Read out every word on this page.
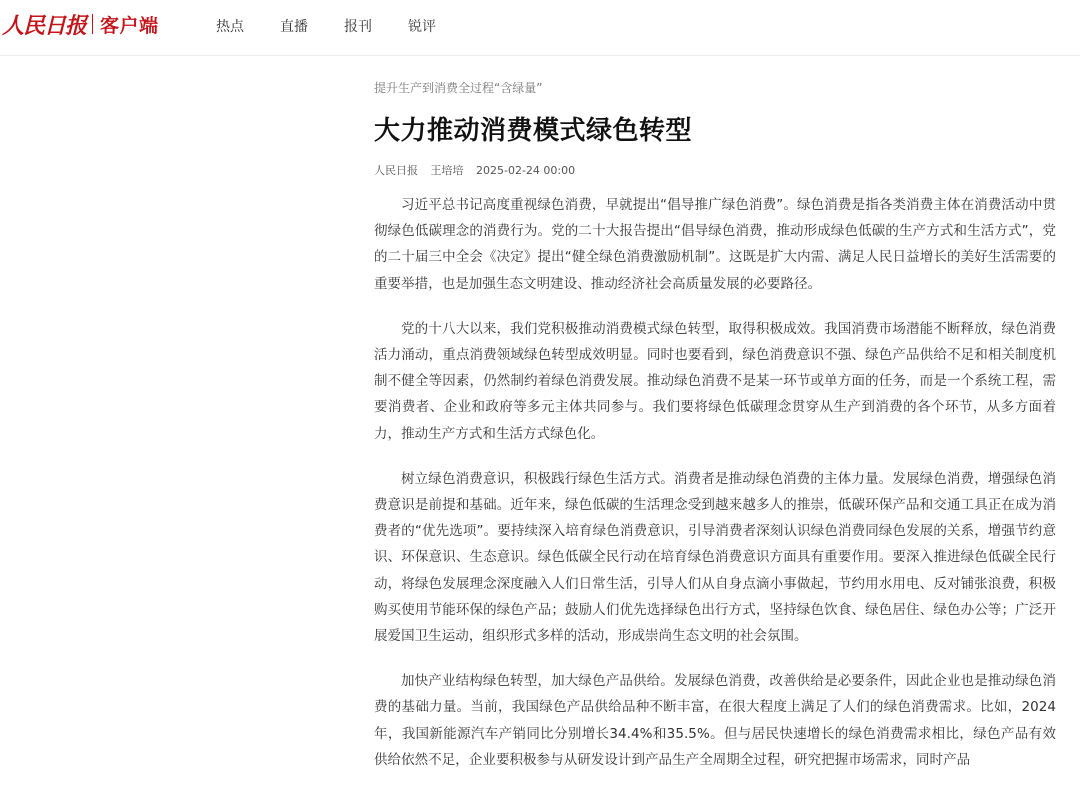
人民日报 客户端	热点	直播	报刊	锐评
提升生产到消费全过程“含绿量”
大力推动消费模式绿色转型
人民日报 王培培 2025-02-24 00:00

习近平总书记高度重视绿色消费，早就提出“倡导推广绿色消费”。绿色消费是指各类消费主体在消费活动中贯彻绿色低碳理念的消费行为。党的二十大报告提出“倡导绿色消费，推动形成绿色低碳的生产方式和生活方式”，党的二十届三中全会《决定》提出“健全绿色消费激励机制”。这既是扩大内需、满足人民日益增长的美好生活需要的重要举措，也是加强生态文明建设、推动经济社会高质量发展的必要路径。

党的十八大以来，我们党积极推动消费模式绿色转型，取得积极成效。我国消费市场潜能不断释放，绿色消费活力涌动，重点消费领域绿色转型成效明显。同时也要看到，绿色消费意识不强、绿色产品供给不足和相关制度机制不健全等因素，仍然制约着绿色消费发展。推动绿色消费不是某一环节或单方面的任务，而是一个系统工程，需要消费者、企业和政府等多元主体共同参与。我们要将绿色低碳理念贯穿从生产到消费的各个环节，从多方面着力，推动生产方式和生活方式绿色化。

树立绿色消费意识，积极践行绿色生活方式。消费者是推动绿色消费的主体力量。发展绿色消费，增强绿色消费意识是前提和基础。近年来，绿色低碳的生活理念受到越来越多人的推崇，低碳环保产品和交通工具正在成为消费者的“优先选项”。要持续深入培育绿色消费意识，引导消费者深刻认识绿色消费同绿色发展的关系，增强节约意识、环保意识、生态意识。绿色低碳全民行动在培育绿色消费意识方面具有重要作用。要深入推进绿色低碳全民行动，将绿色发展理念深度融入人们日常生活，引导人们从自身点滴小事做起，节约用水用电、反对铺张浪费，积极购买使用节能环保的绿色产品；鼓励人们优先选择绿色出行方式，坚持绿色饮食、绿色居住、绿色办公等；广泛开展爱国卫生运动，组织形式多样的活动，形成崇尚生态文明的社会氛围。

加快产业结构绿色转型，加大绿色产品供给。发展绿色消费，改善供给是必要条件，因此企业也是推动绿色消费的基础力量。当前，我国绿色产品供给品种不断丰富，在很大程度上满足了人们的绿色消费需求。比如，2024年，我国新能源汽车产销同比分别增长34.4%和35.5%。但与居民快速增长的绿色消费需求相比，绿色产品有效供给依然不足，企业要积极参与从研发设计到产品生产全周期全过程，研究把握市场需求，同时产品
